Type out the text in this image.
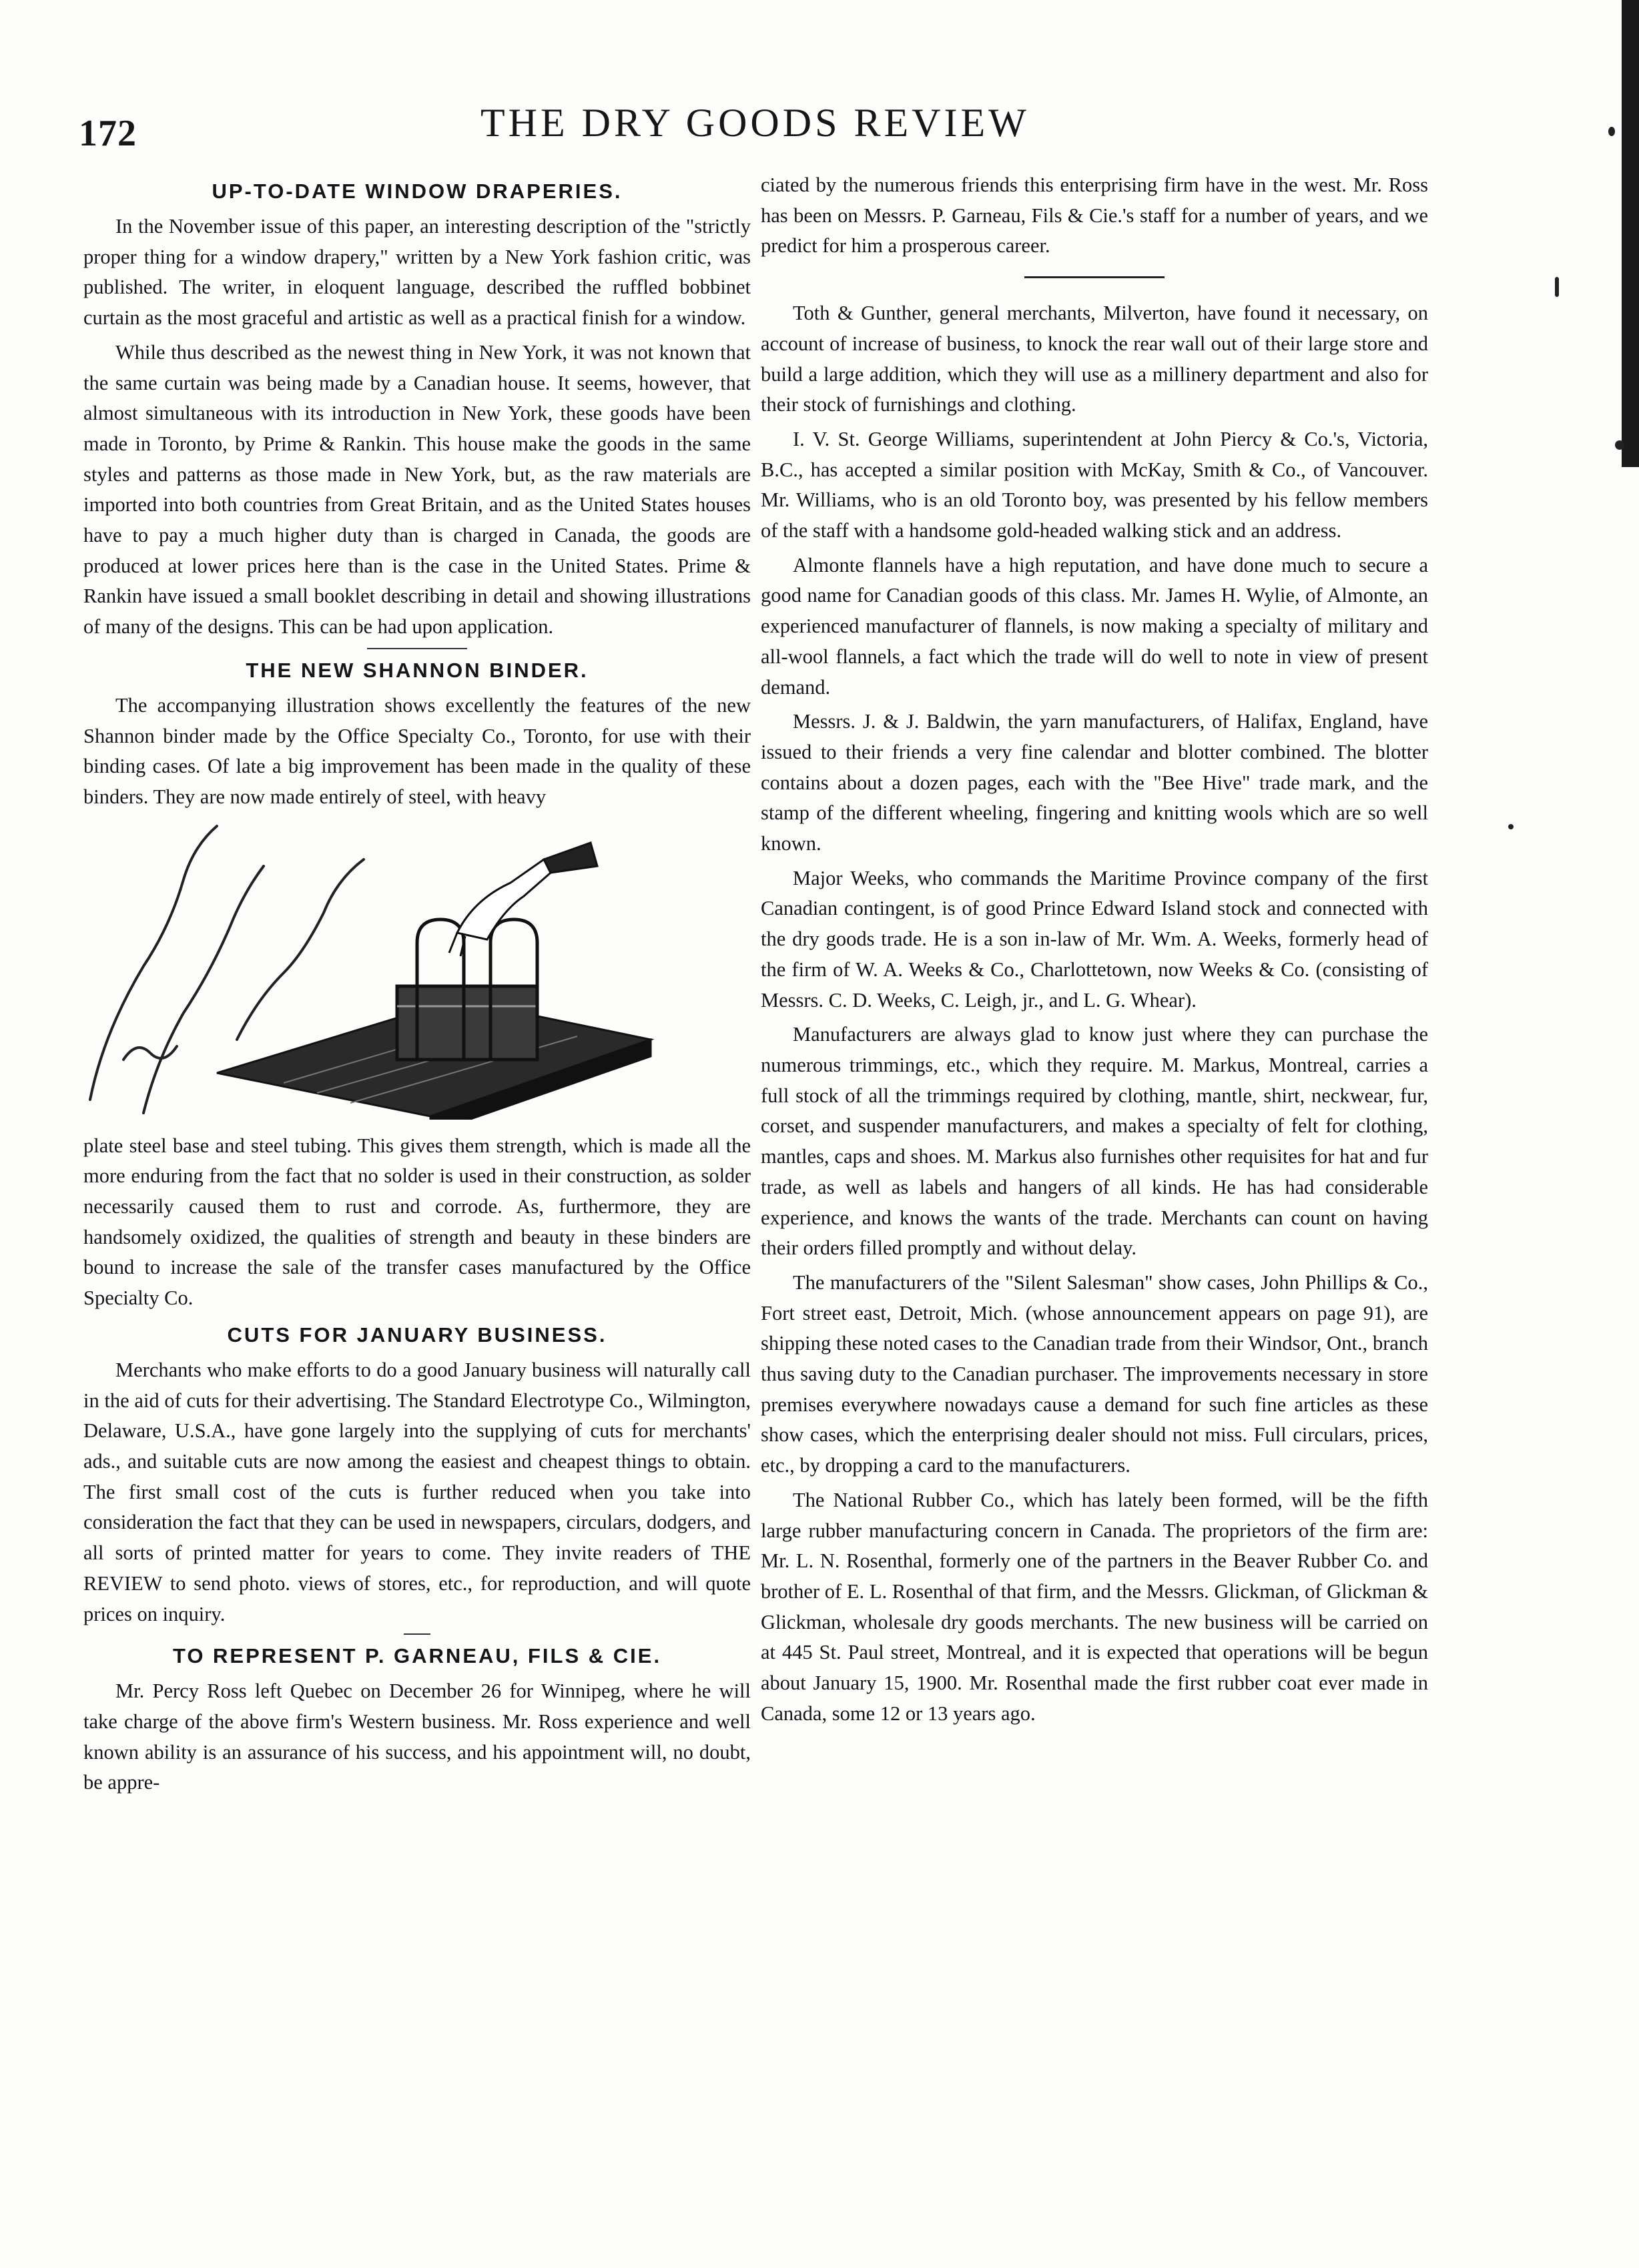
172	THE DRY GOODS REVIEW
UP-TO-DATE WINDOW DRAPERIES.

In the November issue of this paper, an interesting description of the "strictly proper thing for a window drapery," written by a New York fashion critic, was published. The writer, in eloquent language, described the ruffled bobbinet curtain as the most graceful and artistic as well as a practical finish for a window.

While thus described as the newest thing in New York, it was not known that the same curtain was being made by a Canadian house. It seems, however, that almost simultaneous with its introduction in New York, these goods have been made in Toronto, by Prime & Rankin. This house make the goods in the same styles and patterns as those made in New York, but, as the raw materials are imported into both countries from Great Britain, and as the United States houses have to pay a much higher duty than is charged in Canada, the goods are produced at lower prices here than is the case in the United States. Prime & Rankin have issued a small booklet describing in detail and showing illustrations of many of the designs. This can be had upon application.

THE NEW SHANNON BINDER.

The accompanying illustration shows excellently the features of the new Shannon binder made by the Office Specialty Co., Toronto, for use with their binding cases. Of late a big improvement has been made in the quality of these binders. They are now made entirely of steel, with heavy

plate steel base and steel tubing. This gives them strength, which is made all the more enduring from the fact that no solder is used in their construction, as solder necessarily caused them to rust and corrode. As, furthermore, they are handsomely oxidized, the qualities of strength and beauty in these binders are bound to increase the sale of the transfer cases manufactured by the Office Specialty Co.

CUTS FOR JANUARY BUSINESS.

Merchants who make efforts to do a good January business will naturally call in the aid of cuts for their advertising. The Standard Electrotype Co., Wilmington, Delaware, U.S.A., have gone largely into the supplying of cuts for merchants' ads., and suitable cuts are now among the easiest and cheapest things to obtain. The first small cost of the cuts is further reduced when you take into consideration the fact that they can be used in newspapers, circulars, dodgers, and all sorts of printed matter for years to come. They invite readers of THE REVIEW to send photo. views of stores, etc., for reproduction, and will quote prices on inquiry.

TO REPRESENT P. GARNEAU, FILS & CIE.

Mr. Percy Ross left Quebec on December 26 for Winnipeg, where he will take charge of the above firm's Western business. Mr. Ross experience and well known ability is an assurance of his success, and his appointment will, no doubt, be appre-

ciated by the numerous friends this enterprising firm have in the west. Mr. Ross has been on Messrs. P. Garneau, Fils & Cie.'s staff for a number of years, and we predict for him a prosperous career.

Toth & Gunther, general merchants, Milverton, have found it necessary, on account of increase of business, to knock the rear wall out of their large store and build a large addition, which they will use as a millinery department and also for their stock of furnishings and clothing.

I. V. St. George Williams, superintendent at John Piercy & Co.'s, Victoria, B.C., has accepted a similar position with McKay, Smith & Co., of Vancouver. Mr. Williams, who is an old Toronto boy, was presented by his fellow members of the staff with a handsome gold-headed walking stick and an address.

Almonte flannels have a high reputation, and have done much to secure a good name for Canadian goods of this class. Mr. James H. Wylie, of Almonte, an experienced manufacturer of flannels, is now making a specialty of military and all-wool flannels, a fact which the trade will do well to note in view of present demand.

Messrs. J. & J. Baldwin, the yarn manufacturers, of Halifax, England, have issued to their friends a very fine calendar and blotter combined. The blotter contains about a dozen pages, each with the "Bee Hive" trade mark, and the stamp of the different wheeling, fingering and knitting wools which are so well known.

Major Weeks, who commands the Maritime Province company of the first Canadian contingent, is of good Prince Edward Island stock and connected with the dry goods trade. He is a son in-law of Mr. Wm. A. Weeks, formerly head of the firm of W. A. Weeks & Co., Charlottetown, now Weeks & Co. (consisting of Messrs. C. D. Weeks, C. Leigh, jr., and L. G. Whear).

Manufacturers are always glad to know just where they can purchase the numerous trimmings, etc., which they require. M. Markus, Montreal, carries a full stock of all the trimmings required by clothing, mantle, shirt, neckwear, fur, corset, and suspender manufacturers, and makes a specialty of felt for clothing, mantles, caps and shoes. M. Markus also furnishes other requisites for hat and fur trade, as well as labels and hangers of all kinds. He has had considerable experience, and knows the wants of the trade. Merchants can count on having their orders filled promptly and without delay.

The manufacturers of the "Silent Salesman" show cases, John Phillips & Co., Fort street east, Detroit, Mich. (whose announcement appears on page 91), are shipping these noted cases to the Canadian trade from their Windsor, Ont., branch thus saving duty to the Canadian purchaser. The improvements necessary in store premises everywhere nowadays cause a demand for such fine articles as these show cases, which the enterprising dealer should not miss. Full circulars, prices, etc., by dropping a card to the manufacturers.

The National Rubber Co., which has lately been formed, will be the fifth large rubber manufacturing concern in Canada. The proprietors of the firm are: Mr. L. N. Rosenthal, formerly one of the partners in the Beaver Rubber Co. and brother of E. L. Rosenthal of that firm, and the Messrs. Glickman, of Glickman & Glickman, wholesale dry goods merchants. The new business will be carried on at 445 St. Paul street, Montreal, and it is expected that operations will be begun about January 15, 1900. Mr. Rosenthal made the first rubber coat ever made in Canada, some 12 or 13 years ago.
